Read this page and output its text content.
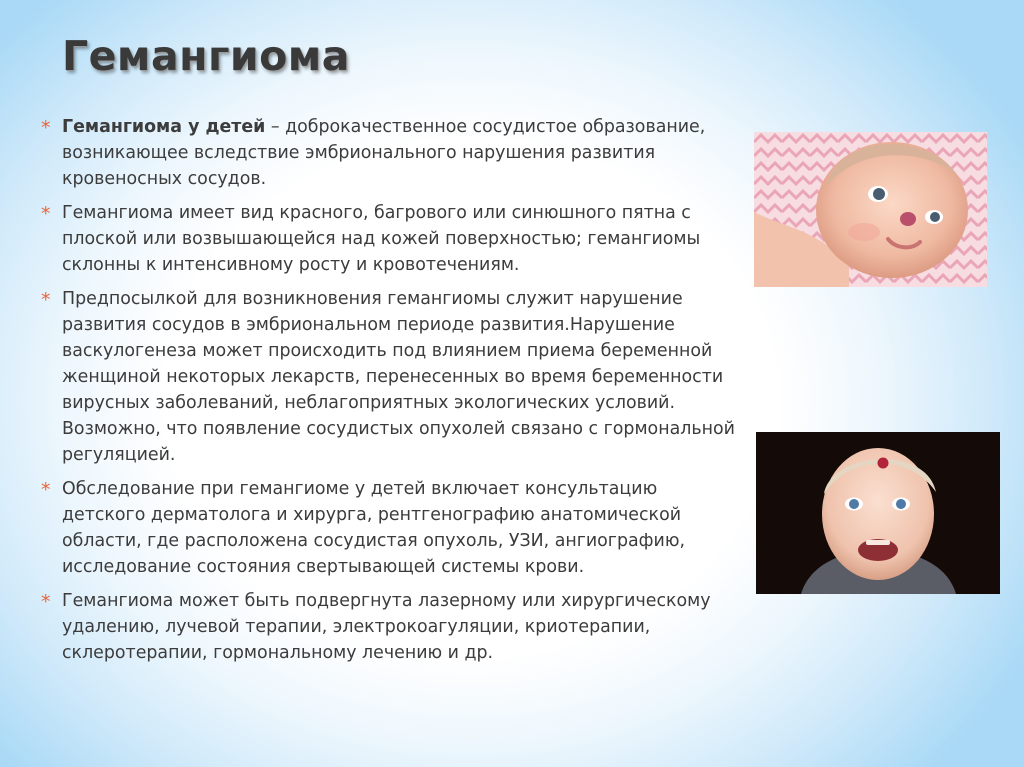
Гемангиома
* Гемангиома у детей – доброкачественное сосудистое образование, возникающее вследствие эмбрионального нарушения развития кровеносных сосудов.
* Гемангиома имеет вид красного, багрового или синюшного пятна с плоской или возвышающейся над кожей поверхностью; гемангиомы склонны к интенсивному росту и кровотечениям.
* Предпосылкой для возникновения гемангиомы служит нарушение развития сосудов в эмбриональном периоде развития.Нарушение васкулогенеза может происходить под влиянием приема беременной женщиной некоторых лекарств, перенесенных во время беременности вирусных заболеваний, неблагоприятных экологических условий. Возможно, что появление сосудистых опухолей связано с гормональной регуляцией.
* Обследование при гемангиоме у детей включает консультацию детского дерматолога и хирурга, рентгенографию анатомической области, где расположена сосудистая опухоль, УЗИ, ангиографию, исследование состояния свертывающей системы крови.
* Гемангиома может быть подвергнута лазерному или хирургическому удалению, лучевой терапии, электрокоагуляции, криотерапии, склеротерапии, гормональному лечению и др.
